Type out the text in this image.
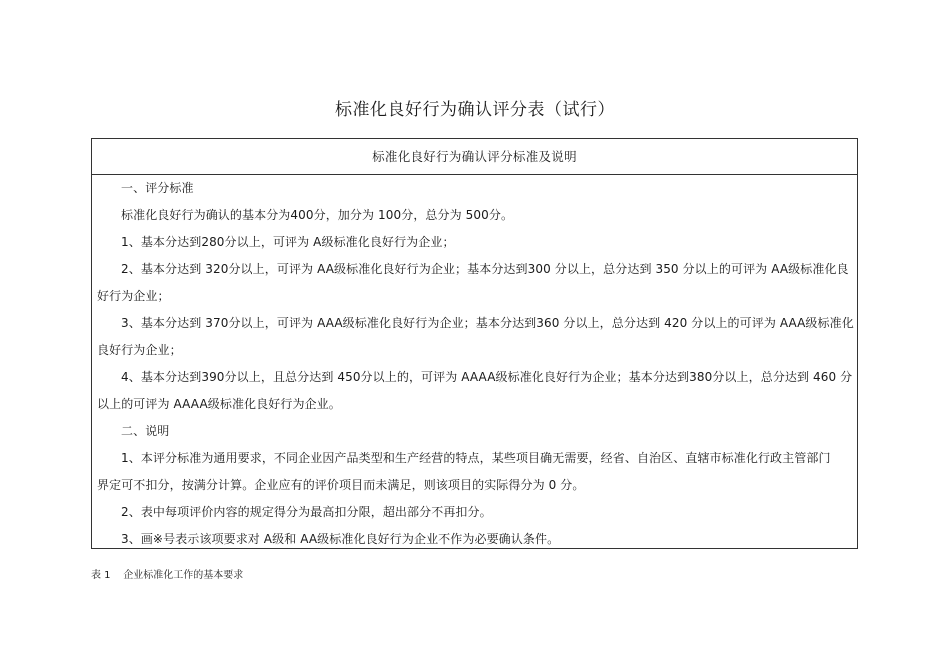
标准化良好行为确认评分表（试行）
标准化良好行为确认评分标准及说明

一、评分标准

标准化良好行为确认的基本分为400分，加分为 100分，总分为 500分。

1、基本分达到280分以上，可评为 A级标准化良好行为企业；

2、基本分达到 320分以上，可评为 AA级标准化良好行为企业；基本分达到300 分以上，总分达到 350 分以上的可评为 AA级标准化良

好行为企业；

3、基本分达到 370分以上，可评为 AAA级标准化良好行为企业；基本分达到360 分以上，总分达到 420 分以上的可评为 AAA级标准化

良好行为企业；

4、基本分达到390分以上，且总分达到 450分以上的，可评为 AAAA级标准化良好行为企业；基本分达到380分以上，总分达到 460 分

以上的可评为 AAAA级标准化良好行为企业。

二、说明

1、本评分标准为通用要求，不同企业因产品类型和生产经营的特点，某些项目确无需要，经省、自治区、直辖市标准化行政主管部门

界定可不扣分，按满分计算。企业应有的评价项目而未满足，则该项目的实际得分为 0 分。

2、表中每项评价内容的规定得分为最高扣分限，超出部分不再扣分。

3、画※号表示该项要求对 A级和 AA级标准化良好行为企业不作为必要确认条件。

表 1    企业标准化工作的基本要求
